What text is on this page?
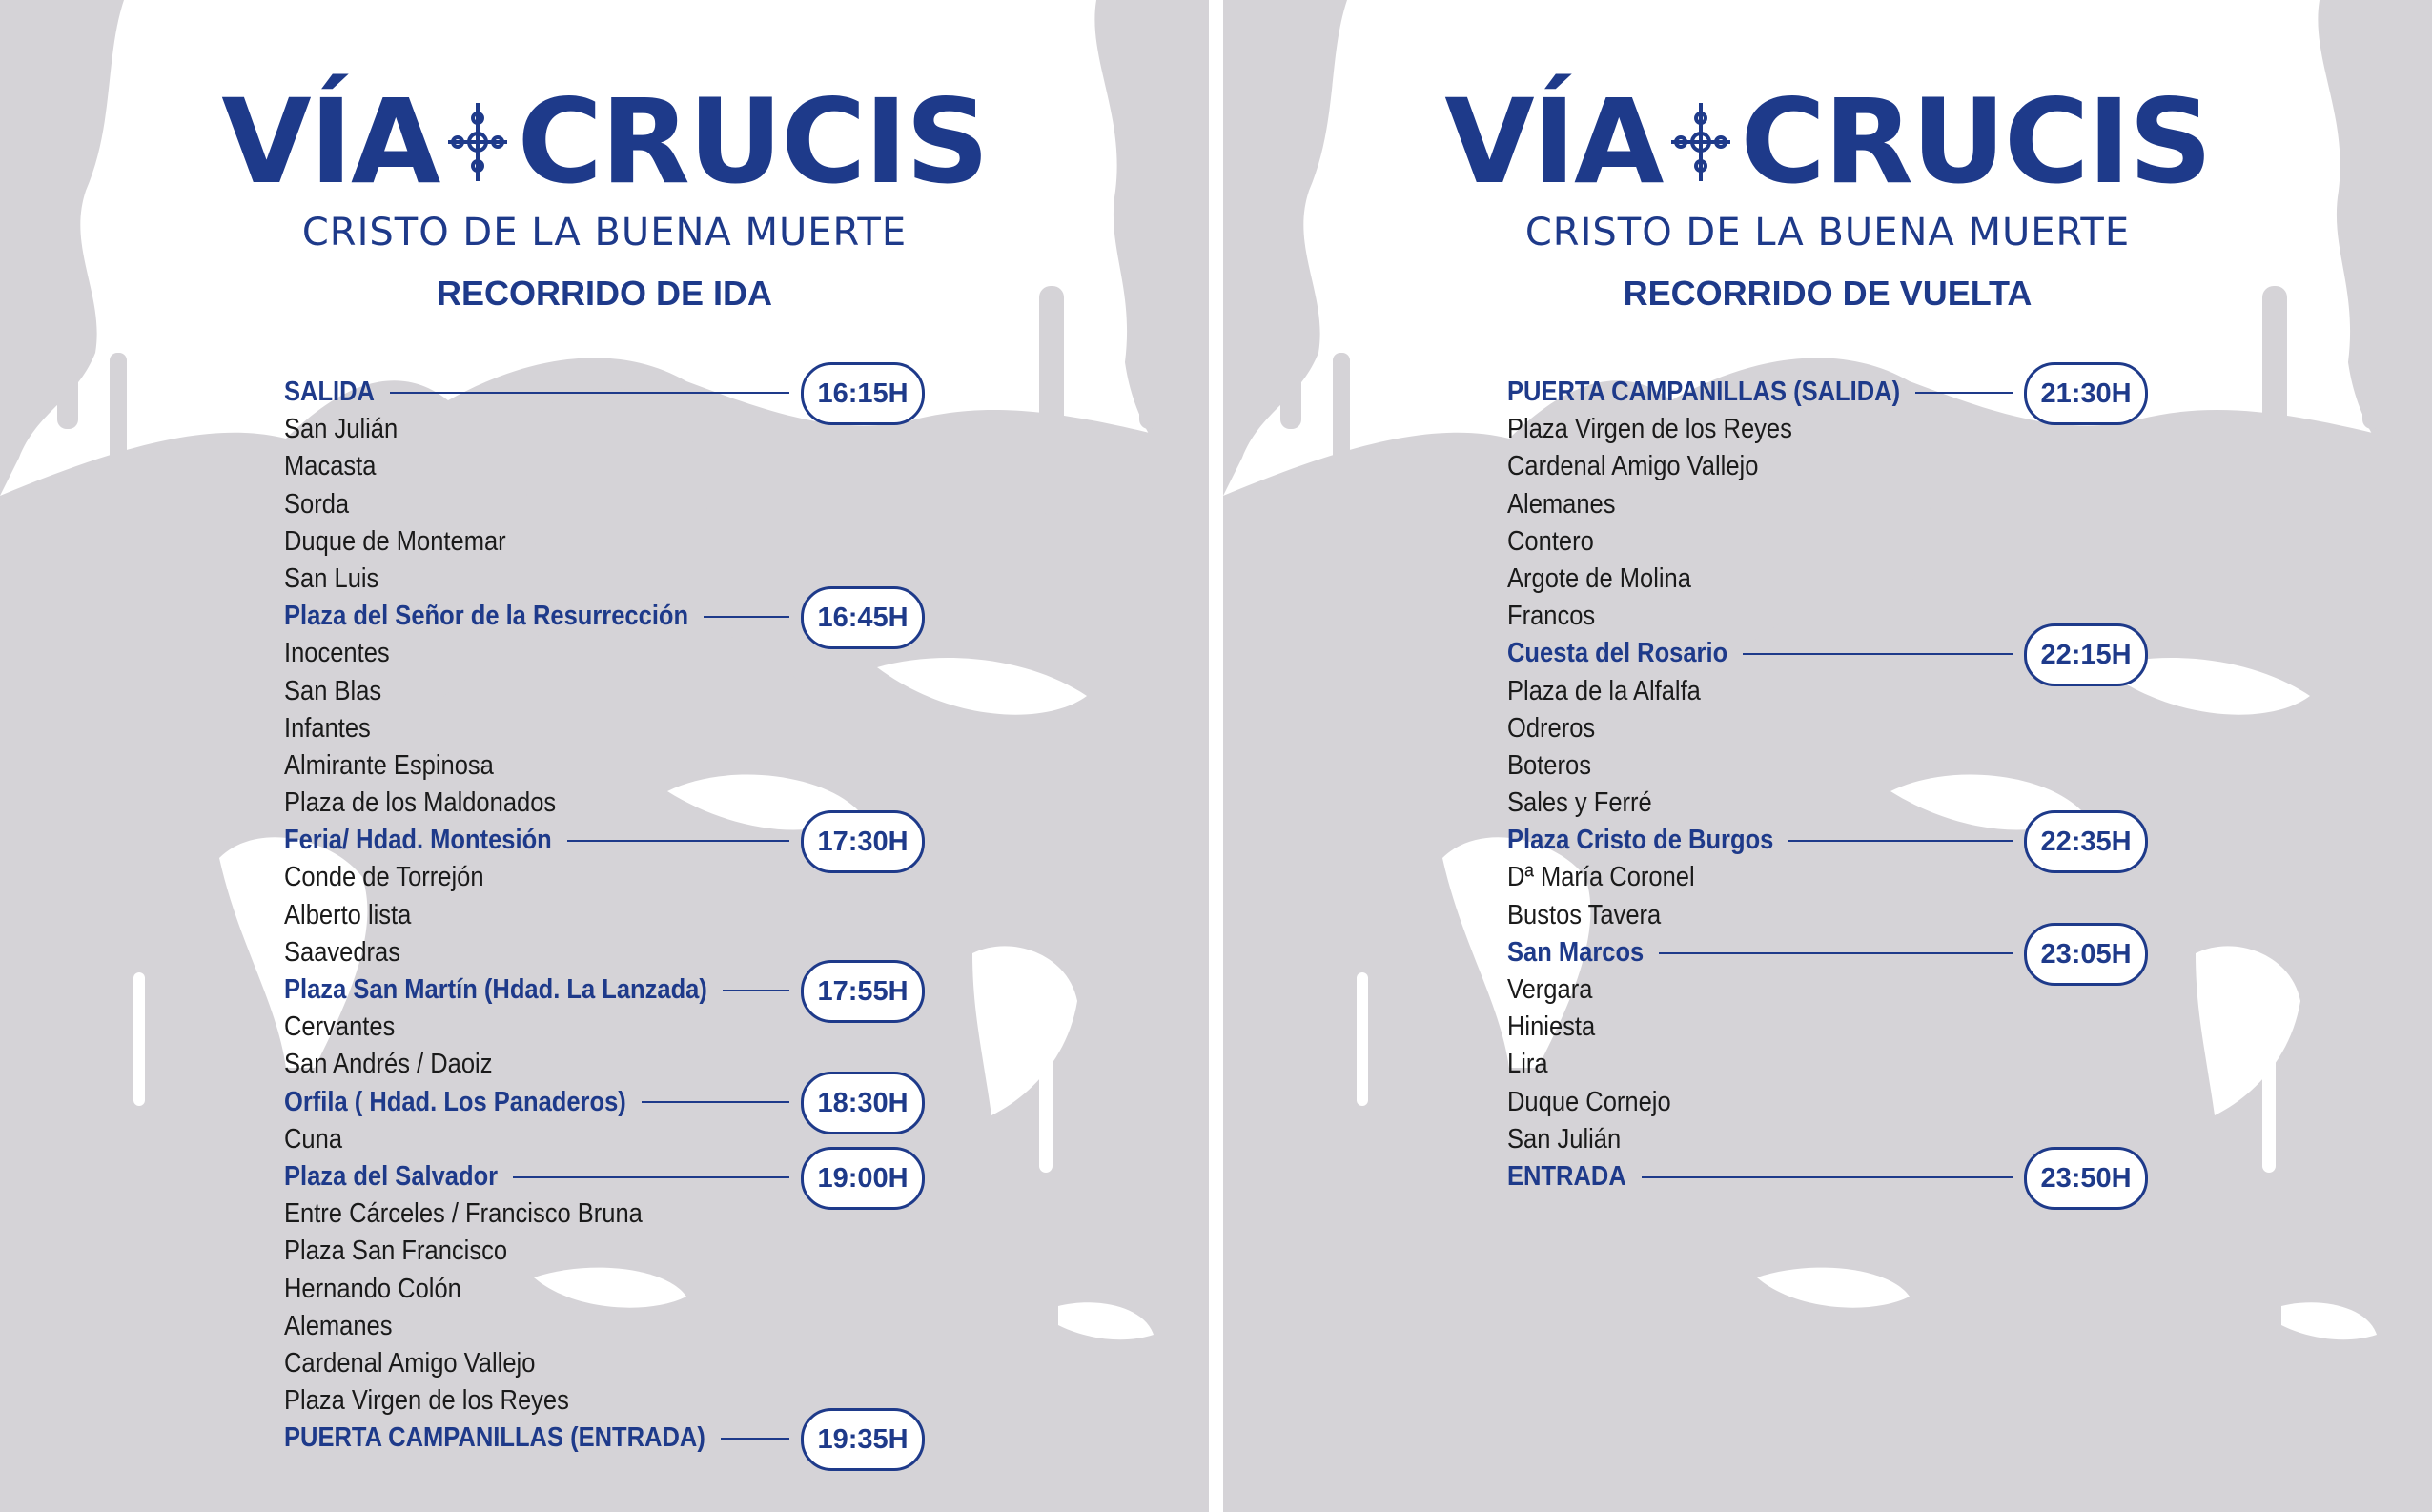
VÍA CRUCIS
CRISTO DE LA BUENA MUERTE
RECORRIDO DE IDA
SALIDA
San Julián
Macasta
Sorda
Duque de Montemar
San Luis
Plaza del Señor de la Resurrección
Inocentes
San Blas
Infantes
Almirante Espinosa
Plaza de los Maldonados
Feria/ Hdad. Montesión
Conde de Torrejón
Alberto lista
Saavedras
Plaza San Martín (Hdad. La Lanzada)
Cervantes
San Andrés / Daoiz
Orfila ( Hdad. Los Panaderos)
Cuna
Plaza del Salvador
Entre Cárceles / Francisco Bruna
Plaza San Francisco
Hernando Colón
Alemanes
Cardenal Amigo Vallejo
Plaza Virgen de los Reyes
PUERTA CAMPANILLAS (ENTRADA)
16:15H
16:45H
17:30H
17:55H
18:30H
19:00H
19:35H
VÍA CRUCIS
CRISTO DE LA BUENA MUERTE
RECORRIDO DE VUELTA
PUERTA CAMPANILLAS (SALIDA)
Plaza Virgen de los Reyes
Cardenal Amigo Vallejo
Alemanes
Contero
Argote de Molina
Francos
Cuesta del Rosario
Plaza de la Alfalfa
Odreros
Boteros
Sales y Ferré
Plaza Cristo de Burgos
Dª María Coronel
Bustos Tavera
San Marcos
Vergara
Hiniesta
Lira
Duque Cornejo
San Julián
ENTRADA
21:30H
22:15H
22:35H
23:05H
23:50H
